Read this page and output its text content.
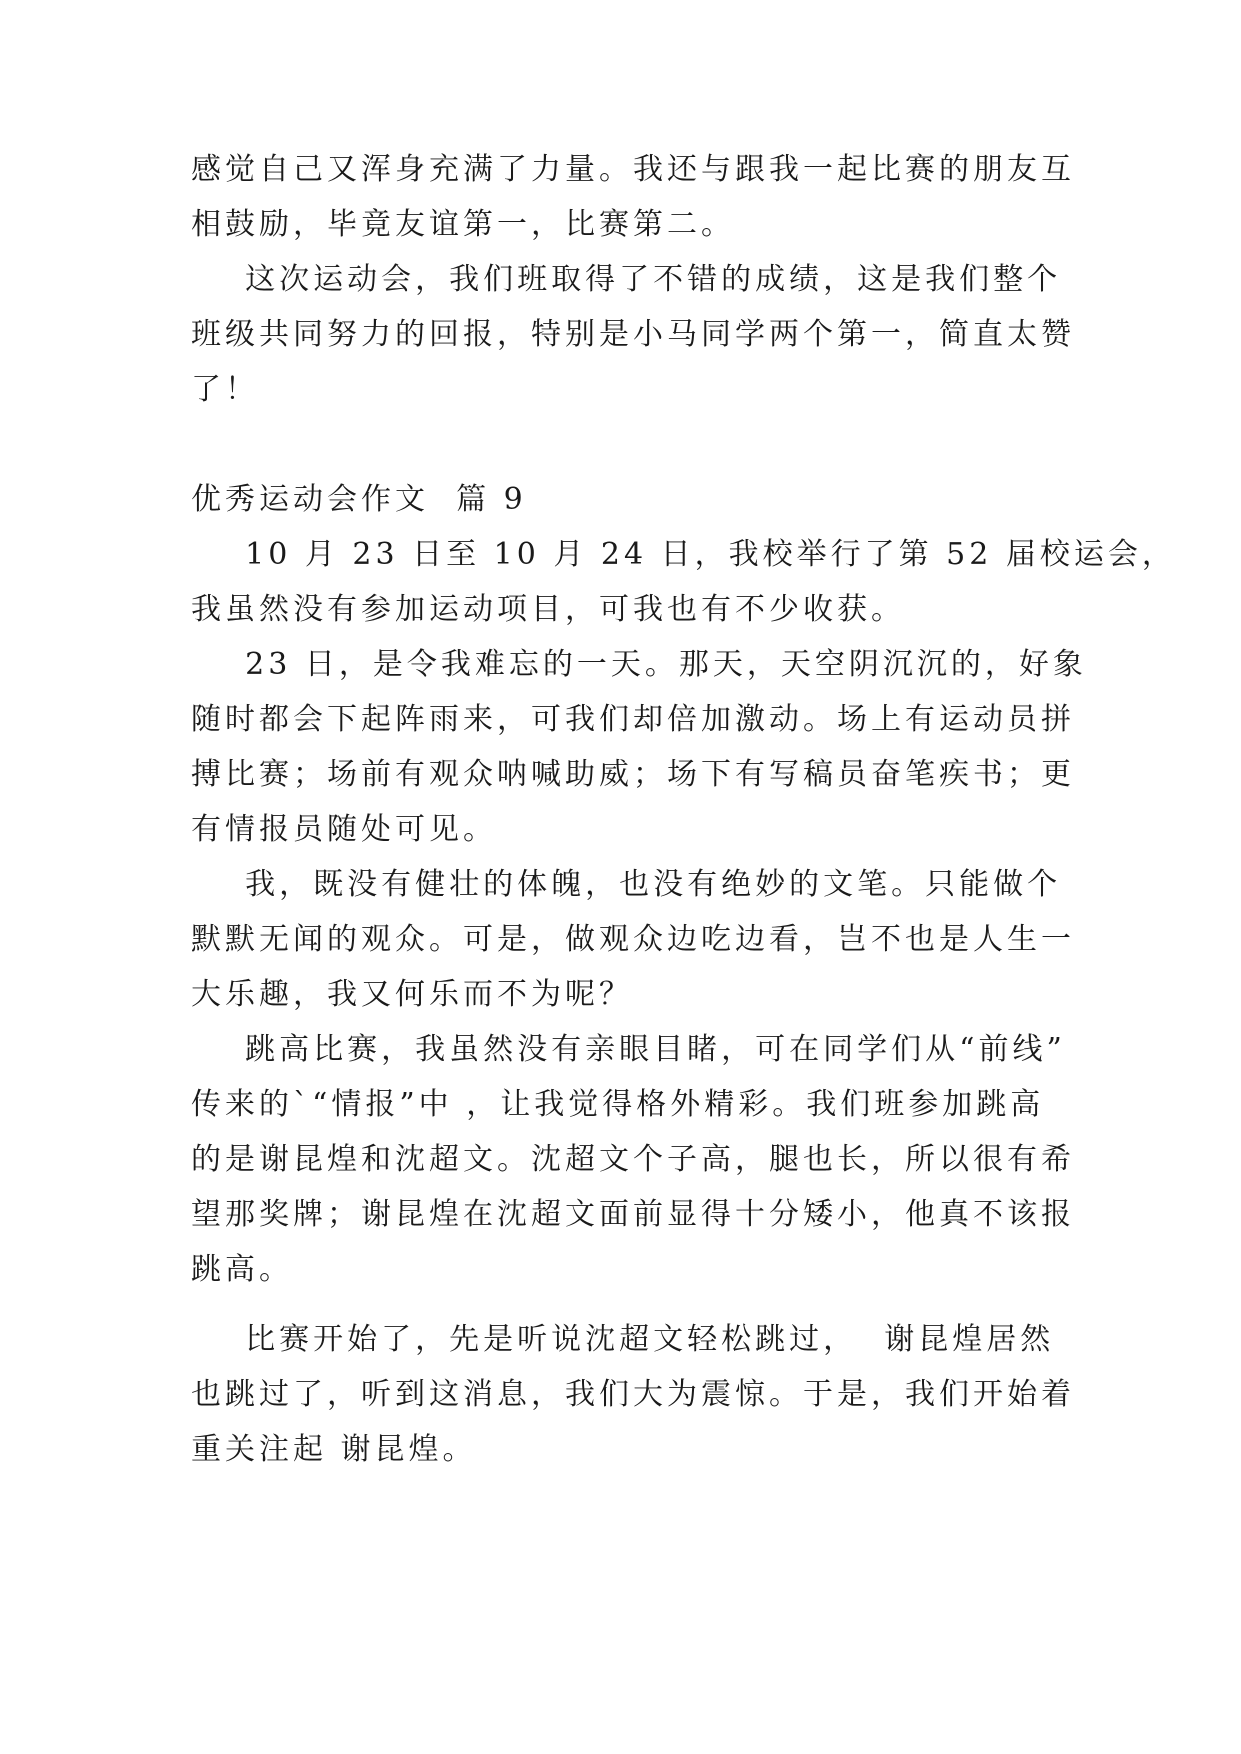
感觉自己又浑身充满了力量。我还与跟我一起比赛的朋友互
相鼓励，毕竟友谊第一，比赛第二。
这次运动会，我们班取得了不错的成绩，这是我们整个
班级共同努力的回报，特别是小马同学两个第一，简直太赞
了！
优秀运动会作文  篇 9
10 月 23 日至 10 月 24 日，我校举行了第 52 届校运会，
我虽然没有参加运动项目，可我也有不少收获。
23 日，是令我难忘的一天。那天，天空阴沉沉的，好象
随时都会下起阵雨来，可我们却倍加激动。场上有运动员拼
搏比赛；场前有观众呐喊助威；场下有写稿员奋笔疾书；更
有情报员随处可见。
我，既没有健壮的体魄，也没有绝妙的文笔。只能做个
默默无闻的观众。可是，做观众边吃边看，岂不也是人生一
大乐趣，我又何乐而不为呢？
跳高比赛，我虽然没有亲眼目睹，可在同学们从“前线”
传来的`“情报”中 ，让我觉得格外精彩。我们班参加跳高
的是谢昆煌和沈超文。沈超文个子高，腿也长，所以很有希
望那奖牌；谢昆煌在沈超文面前显得十分矮小，他真不该报
跳高。
比赛开始了，先是听说沈超文轻松跳过，  谢昆煌居然
也跳过了，听到这消息，我们大为震惊。于是，我们开始着
重关注起 谢昆煌。
